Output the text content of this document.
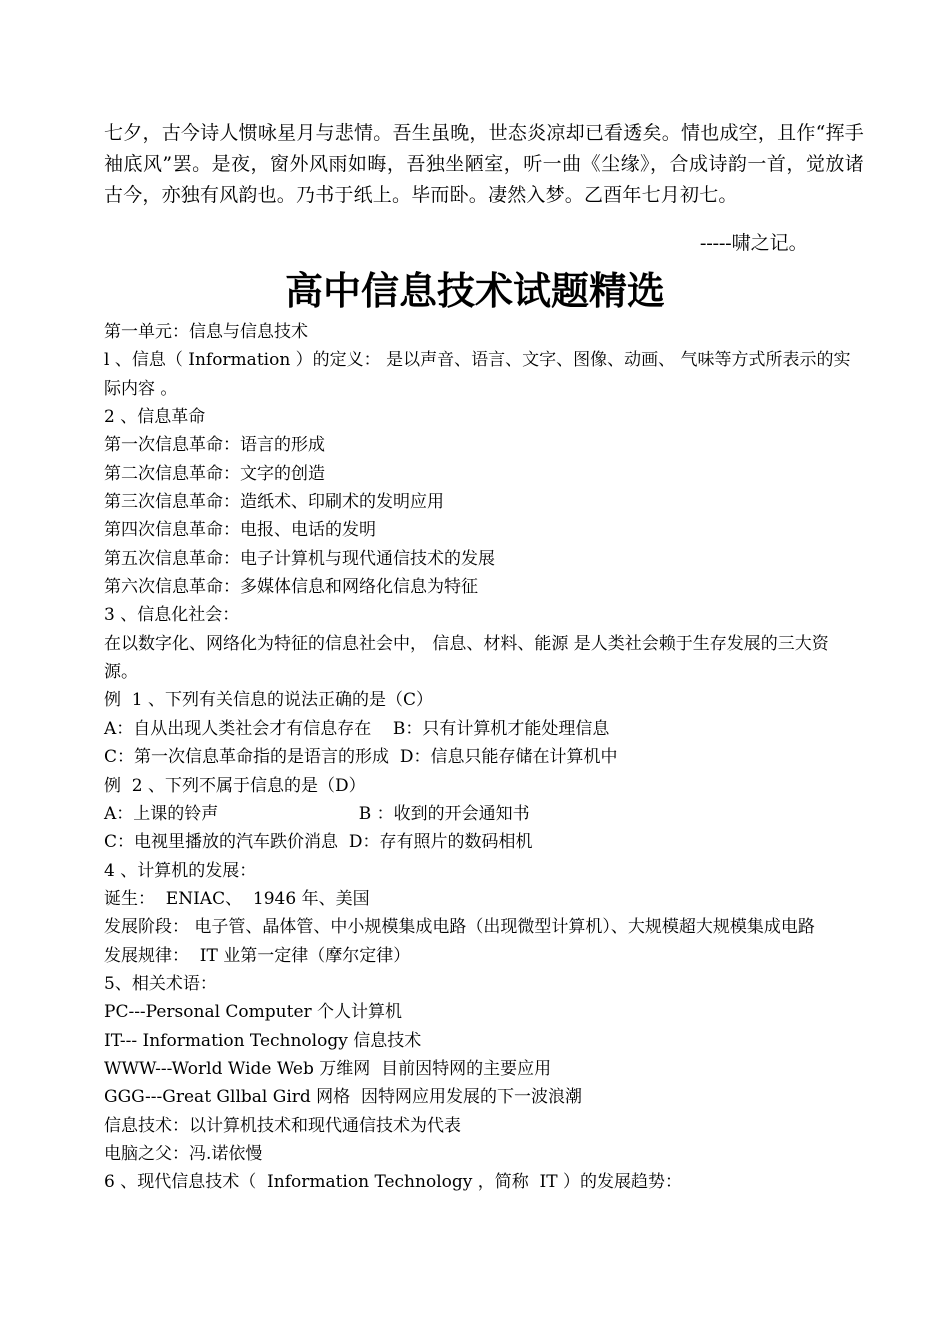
七夕，古今诗人惯咏星月与悲情。吾生虽晚，世态炎凉却已看透矣。情也成空，且作“挥手袖底风”罢。是夜，窗外风雨如晦，吾独坐陋室，听一曲《尘缘》，合成诗韵一首，觉放诸古今，亦独有风韵也。乃书于纸上。毕而卧。凄然入梦。乙酉年七月初七。

-----啸之记。
高中信息技术试题精选

第一单元：信息与信息技术

l 、信息（ Information ）的定义： 是以声音、语言、文字、图像、动画、 气味等方式所表示的实际内容 。

2 、信息革命

第一次信息革命：语言的形成

第二次信息革命：文字的创造

第三次信息革命：造纸术、印刷术的发明应用

第四次信息革命：电报、电话的发明

第五次信息革命：电子计算机与现代通信技术的发展

第六次信息革命：多媒体信息和网络化信息为特征

3 、信息化社会：

在以数字化、网络化为特征的信息社会中， 信息、材料、能源 是人类社会赖于生存发展的三大资源。

例  1 、下列有关信息的说法正确的是（C）

A：自从出现人类社会才有信息存在    B：只有计算机才能处理信息

C：第一次信息革命指的是语言的形成  D：信息只能存储在计算机中

例  2 、下列不属于信息的是（D）

A：上课的铃声                          B ：收到的开会通知书

C：电视里播放的汽车跌价消息  D：存有照片的数码相机

4 、计算机的发展：

诞生：  ENIAC、  1946 年、美国

发展阶段： 电子管、晶体管、中小规模集成电路（出现微型计算机）、大规模超大规模集成电路

发展规律：  IT 业第一定律（摩尔定律）

5、相关术语：

PC---Personal Computer 个人计算机

IT--- Information Technology 信息技术

WWW---World Wide Web 万维网  目前因特网的主要应用

GGG---Great Gllbal Gird 网格  因特网应用发展的下一波浪潮

信息技术：以计算机技术和现代通信技术为代表

电脑之父：冯.诺依慢

6 、现代信息技术（  Information Technology ，简称  IT ）的发展趋势：
